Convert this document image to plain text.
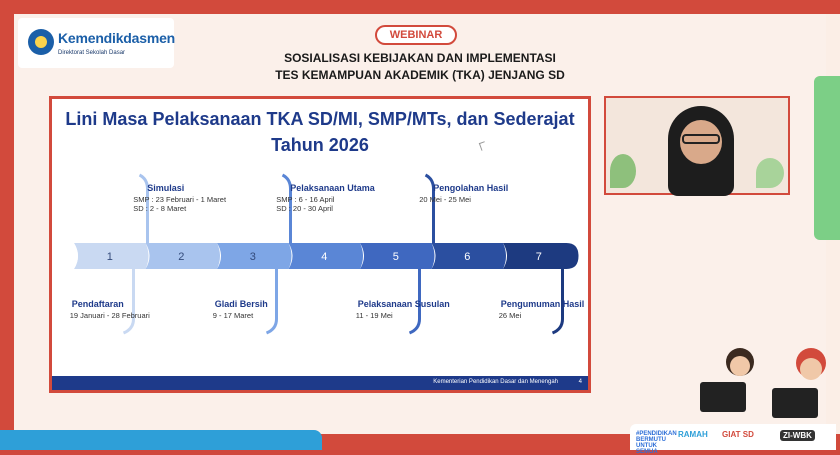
Kemendikdasmen
Direktorat Sekolah Dasar
WEBINAR
SOSIALISASI KEBIJAKAN DAN IMPLEMENTASI
TES KEMAMPUAN AKADEMIK (TKA) JENJANG SD
Lini Masa Pelaksanaan TKA SD/MI, SMP/MTs, dan Sederajat
Tahun 2026
1	2	3	4	5	6	7
Pendaftaran
19 Januari - 28 Februari
Simulasi
SMP : 23 Februari - 1 Maret
SD : 2 - 8 Maret
Gladi Bersih
9 - 17 Maret
Pelaksanaan Utama
SMP : 6 - 16 April
SD : 20 - 30 April
Pelaksanaan Susulan
11 - 19 Mei
Pengolahan Hasil
20 Mei - 25 Mei
Pengumuman Hasil
26 Mei
Kementerian Pendidikan Dasar dan Menengah	4
#PENDIDIKAN BERMUTU UNTUK SEMUA
RAMAH GIAT SD	ZI-WBK
